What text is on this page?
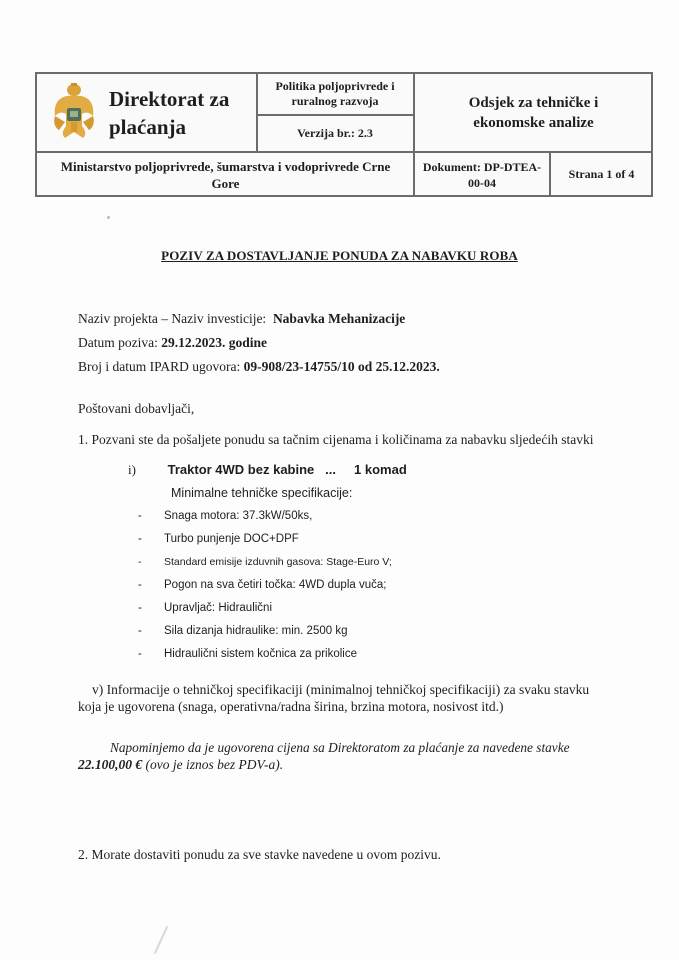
Direktorat za
plaćanja
Politika poljoprivrede i
ruralnog razvoja
Verzija br.: 2.3
Odsjek za tehničke i
ekonomske analize
Ministarstvo poljoprivrede, šumarstva i vodoprivrede Crne
Gore
Dokument: DP-DTEA-
00-04
Strana 1 of 4
POZIV ZA DOSTAVLJANJE PONUDA ZA NABAVKU ROBA
Naziv projekta – Naziv investicije: Nabavka Mehanizacije
Datum poziva: 29.12.2023. godine
Broj i datum IPARD ugovora: 09-908/23-14755/10 od 25.12.2023.
Poštovani dobavljači,
1. Pozvani ste da pošaljete ponudu sa tačnim cijenama i količinama za nabavku sljedećih stavki
i) Traktor 4WD bez kabine ... 1 komad
Minimalne tehničke specifikacije:
- Snaga motora: 37.3kW/50ks,
- Turbo punjenje DOC+DPF
- Standard emisije izduvnih gasova: Stage-Euro V;
- Pogon na sva četiri točka: 4WD dupla vuča;
- Upravljač: Hidraulični
- Sila dizanja hidraulike: min. 2500 kg
- Hidraulični sistem kočnica za prikolice
v) Informacije o tehničkoj specifikaciji (minimalnoj tehničkoj specifikaciji) za svaku stavku
koja je ugovorena (snaga, operativna/radna širina, brzina motora, nosivost itd.)
Napominjemo da je ugovorena cijena sa Direktoratom za plaćanje za navedene stavke
22.100,00 € (ovo je iznos bez PDV-a).
2. Morate dostaviti ponudu za sve stavke navedene u ovom pozivu.
